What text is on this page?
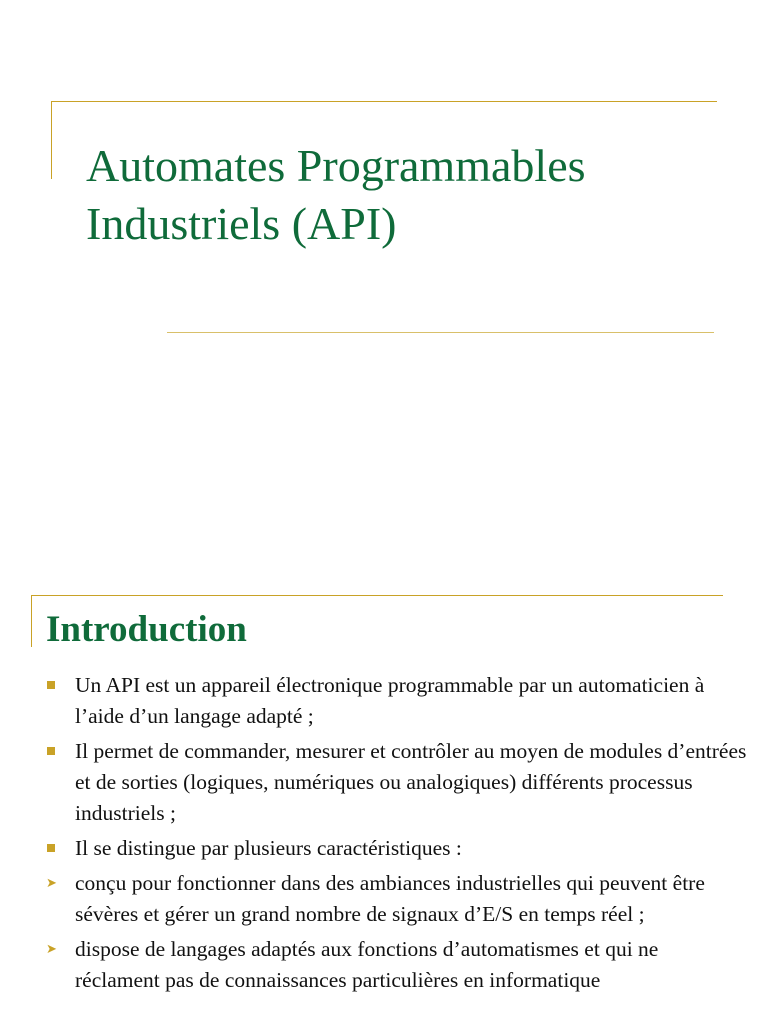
Automates Programmables
Industriels (API)
Introduction
Un API est un appareil électronique programmable par un automaticien à l’aide d’un langage adapté ;
Il permet de commander, mesurer et contrôler au moyen de modules d’entrées et de sorties (logiques, numériques ou analogiques) différents processus industriels ;
Il se distingue par plusieurs caractéristiques :
➤ conçu pour fonctionner dans des ambiances industrielles qui peuvent être sévères et gérer un grand nombre de signaux d’E/S en temps réel ;
➤ dispose de langages adaptés aux fonctions d’automatismes et qui ne réclament pas de connaissances particulières en informatique
